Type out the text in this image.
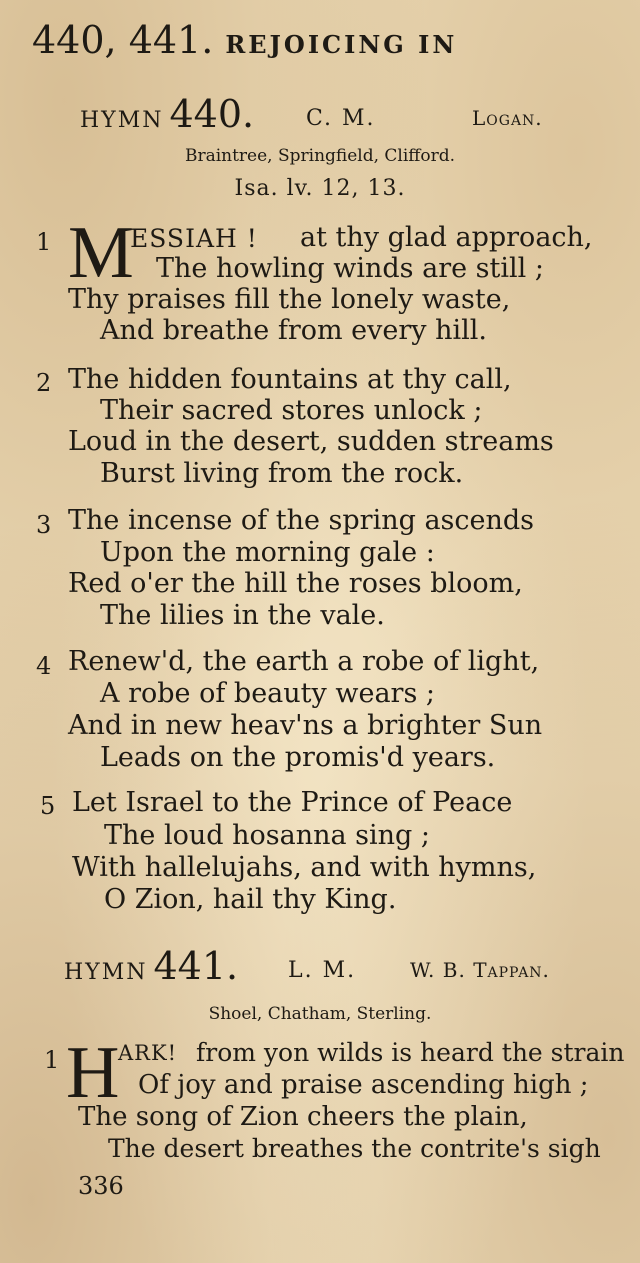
440, 441. REJOICING IN
HYMN 440. C. M.	Logan.
Braintree, Springfield, Clifford.
Isa. lv. 12, 13.
1 M
ESSIAH ! at thy glad approach,
The howling winds are still ;
Thy praises fill the lonely waste,
And breathe from every hill.
2 The hidden fountains at thy call,
Their sacred stores unlock ;
Loud in the desert, sudden streams
Burst living from the rock.
3 The incense of the spring ascends
Upon the morning gale :
Red o'er the hill the roses bloom,
The lilies in the vale.
4 Renew'd, the earth a robe of light,
A robe of beauty wears ;
And in new heav'ns a brighter Sun
Leads on the promis'd years.
5 Let Israel to the Prince of Peace
The loud hosanna sing ;
With hallelujahs, and with hymns,
O Zion, hail thy King.
HYMN 441. L. M.	W. B. Tappan.
Shoel, Chatham, Sterling.
1 H
ARK! from yon wilds is heard the strain
Of joy and praise ascending high ;
The song of Zion cheers the plain,
The desert breathes the contrite's sigh
336
